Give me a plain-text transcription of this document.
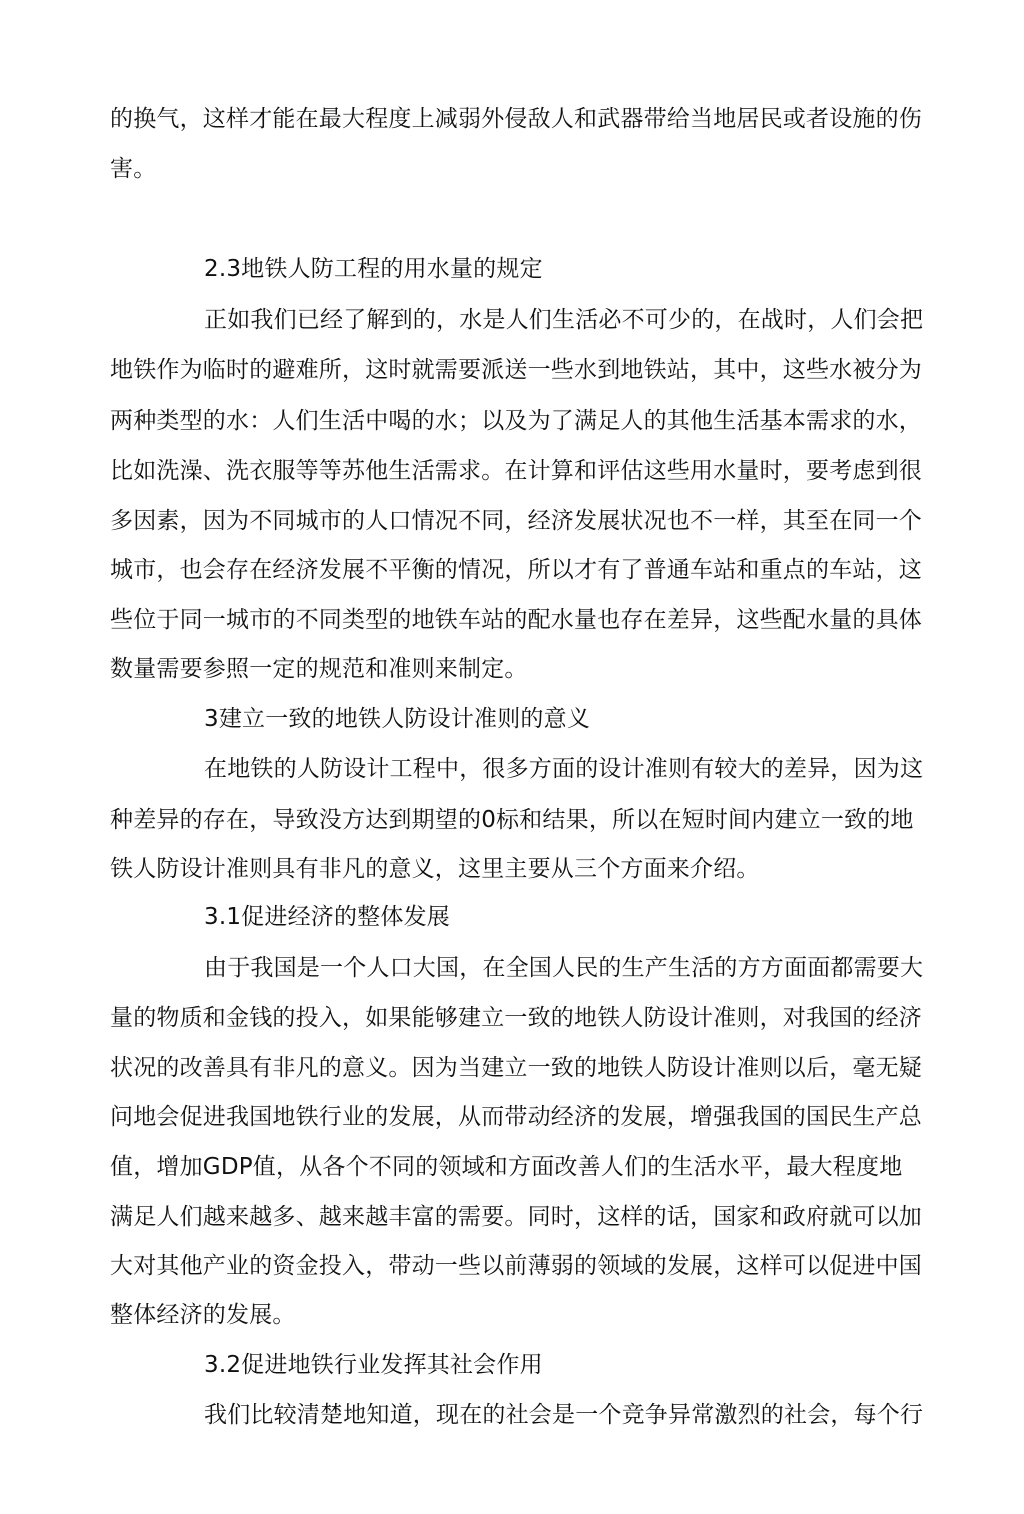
的换气，这样才能在最大程度上减弱外侵敌人和武器带给当地居民或者设施的伤
害。
2.3地铁人防工程的用水量的规定
正如我们已经了解到的，水是人们生活必不可少的，在战时，人们会把
地铁作为临时的避难所，这时就需要派送一些水到地铁站，其中，这些水被分为
两种类型的水：人们生活中喝的水；以及为了满足人的其他生活基本需求的水，
比如洗澡、洗衣服等等苏他生活需求。在计算和评估这些用水量时，要考虑到很
多因素，因为不同城市的人口情况不同，经济发展状况也不一样，其至在同一个
城市，也会存在经济发展不平衡的情况，所以才有了普通车站和重点的车站，这
些位于同一城市的不同类型的地铁车站的配水量也存在差异，这些配水量的具体
数量需要参照一定的规范和准则来制定。
3建立一致的地铁人防设计准则的意义
在地铁的人防设计工程中，很多方面的设计准则有较大的差异，因为这
种差异的存在，导致没方达到期望的0标和结果，所以在短时间内建立一致的地
铁人防设计准则具有非凡的意义，这里主要从三个方面来介绍。
3.1促进经济的整体发展
由于我国是一个人口大国，在全国人民的生产生活的方方面面都需要大
量的物质和金钱的投入，如果能够建立一致的地铁人防设计准则，对我国的经济
状况的改善具有非凡的意义。因为当建立一致的地铁人防设计准则以后，毫无疑
问地会促进我国地铁行业的发展，从而带动经济的发展，增强我国的国民生产总
值，增加GDP值，从各个不同的领域和方面改善人们的生活水平，最大程度地
满足人们越来越多、越来越丰富的需要。同时，这样的话，国家和政府就可以加
大对其他产业的资金投入，带动一些以前薄弱的领域的发展，这样可以促进中国
整体经济的发展。
3.2促进地铁行业发挥其社会作用
我们比较清楚地知道，现在的社会是一个竞争异常激烈的社会，每个行
